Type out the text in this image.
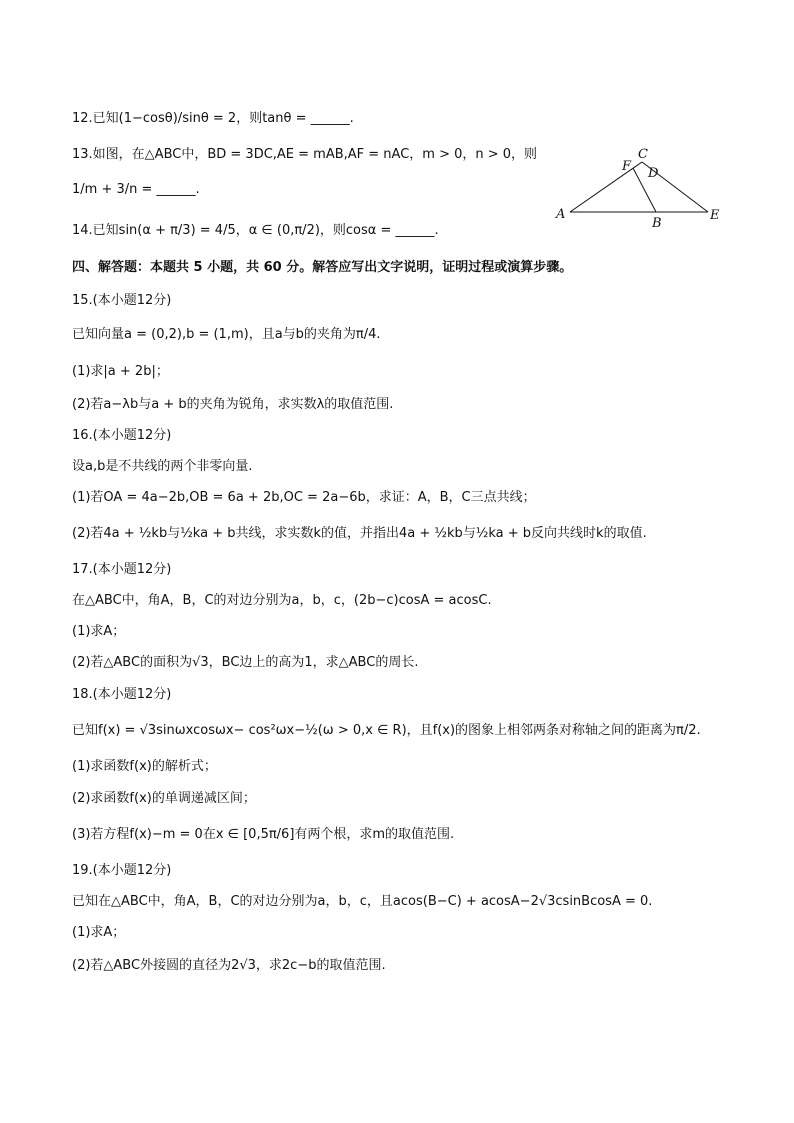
12.已知(1−cosθ)/sinθ = 2，则tanθ = ______.
13.如图，在△ABC中，BD = 3DC,AE = mAB,AF = nAC，m > 0，n > 0，则
1/m + 3/n = ______.
14.已知sin(α + π/3) = 4/5，α ∈ (0,π/2)，则cosα = ______.
四、解答题：本题共 5 小题，共 60 分。解答应写出文字说明，证明过程或演算步骤。
15.(本小题12分)
已知向量a = (0,2),b = (1,m)，且a与b的夹角为π/4.
(1)求|a + 2b|；
(2)若a−λb与a + b的夹角为锐角，求实数λ的取值范围.
16.(本小题12分)
设a,b是不共线的两个非零向量.
(1)若OA = 4a−2b,OB = 6a + 2b,OC = 2a−6b，求证：A，B，C三点共线；
(2)若4a + ½kb与½ka + b共线，求实数k的值，并指出4a + ½kb与½ka + b反向共线时k的取值.
17.(本小题12分)
在△ABC中，角A，B，C的对边分别为a，b，c，(2b−c)cosA = acosC.
(1)求A；
(2)若△ABC的面积为√3，BC边上的高为1，求△ABC的周长.
18.(本小题12分)
已知f(x) = √3sinωxcosωx− cos²ωx−½(ω > 0,x ∈ R)，且f(x)的图象上相邻两条对称轴之间的距离为π/2.
(1)求函数f(x)的解析式；
(2)求函数f(x)的单调递减区间；
(3)若方程f(x)−m = 0在x ∈ [0,5π/6]有两个根，求m的取值范围.
19.(本小题12分)
已知在△ABC中，角A，B，C的对边分别为a，b，c，且acos(B−C) + acosA−2√3csinBcosA = 0.
(1)求A；
(2)若△ABC外接圆的直径为2√3，求2c−b的取值范围.
A
B
C
D
E
F
